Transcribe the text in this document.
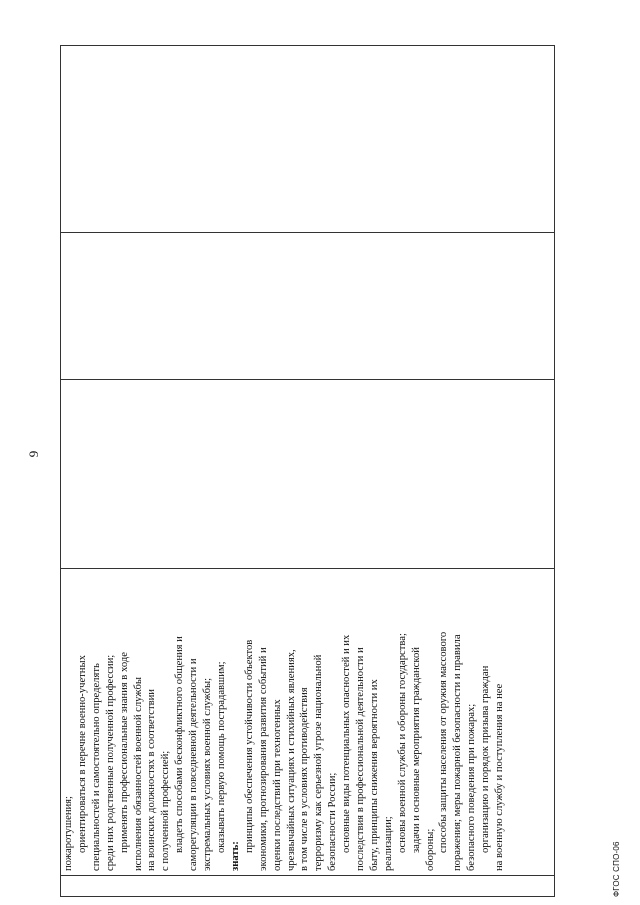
9

пожаротушения; ориентироваться в перечне военно-учетных специальностей и самостоятельно определять среди них родственные полученной профессии; применять профессиональные знания в ходе исполнения обязанностей военной службы на воинских должностях в соответствии с полученной профессией; владеть способами бесконфликтного общения и саморегуляции в повседневной деятельности и экстремальных условиях военной службы; оказывать первую помощь пострадавшим;
знать:
принципы обеспечения устойчивости объектов экономики, прогнозирования развития событий и оценки последствий при техногенных чрезвычайных ситуациях и стихийных явлениях, в том числе в условиях противодействия терроризму как серьезной угрозе национальной безопасности России; основные виды потенциальных опасностей и их последствия в профессиональной деятельности и быту, принципы снижения вероятности их реализации; основы военной службы и обороны государства; задачи и основные мероприятия гражданской обороны; способы защиты населения от оружия массового поражения; меры пожарной безопасности и правила безопасного поведения при пожарах; организацию и порядок призыва граждан на военную службу и поступления на нее
				ФГОС СПО-06
